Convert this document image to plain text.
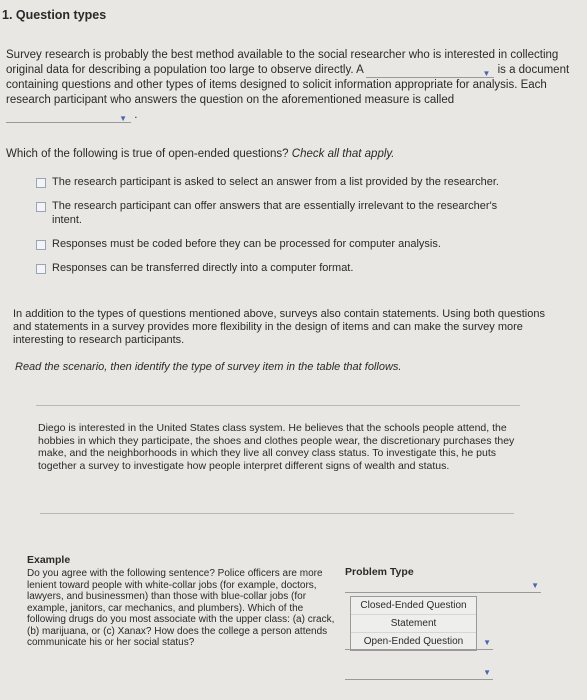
1. Question types
Survey research is probably the best method available to the social researcher who is interested in collecting original data for describing a population too large to observe directly. A	▼ is a document containing questions and other types of items designed to solicit information appropriate for analysis. Each research participant who answers the question on the aforementioned measure is called
▼ .
Which of the following is true of open-ended questions? Check all that apply.
The research participant is asked to select an answer from a list provided by the researcher.
The research participant can offer answers that are essentially irrelevant to the researcher's intent.
Responses must be coded before they can be processed for computer analysis.
Responses can be transferred directly into a computer format.
In addition to the types of questions mentioned above, surveys also contain statements. Using both questions and statements in a survey provides more flexibility in the design of items and can make the survey more interesting to research participants.
Read the scenario, then identify the type of survey item in the table that follows.
Diego is interested in the United States class system. He believes that the schools people attend, the hobbies in which they participate, the shoes and clothes people wear, the discretionary purchases they make, and the neighborhoods in which they live all convey class status. To investigate this, he puts together a survey to investigate how people interpret different signs of wealth and status.
Example
Problem Type
Do you agree with the following sentence? Police officers are more lenient toward people with white-collar jobs (for example, doctors, lawyers, and businessmen) than those with blue-collar jobs (for example, janitors, car mechanics, and plumbers). Which of the following drugs do you most associate with the upper class: (a) crack, (b) marijuana, or (c) Xanax? How does the college a person attends communicate his or her social status?
▼
Closed-Ended Question
Statement
Open-Ended Question	▼
▼
